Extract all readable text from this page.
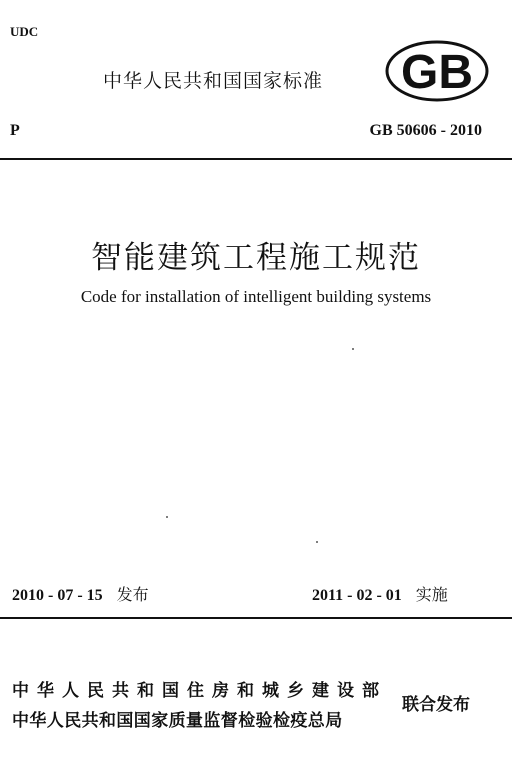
UDC
中华人民共和国国家标准 GB
P	GB 50606 - 2010
智能建筑工程施工规范
Code for installation of intelligent building systems
2010 - 07 - 15 发布	2011 - 02 - 01 实施
中华人民共和国住房和城乡建设部
中华人民共和国国家质量监督检验检疫总局
联合发布
